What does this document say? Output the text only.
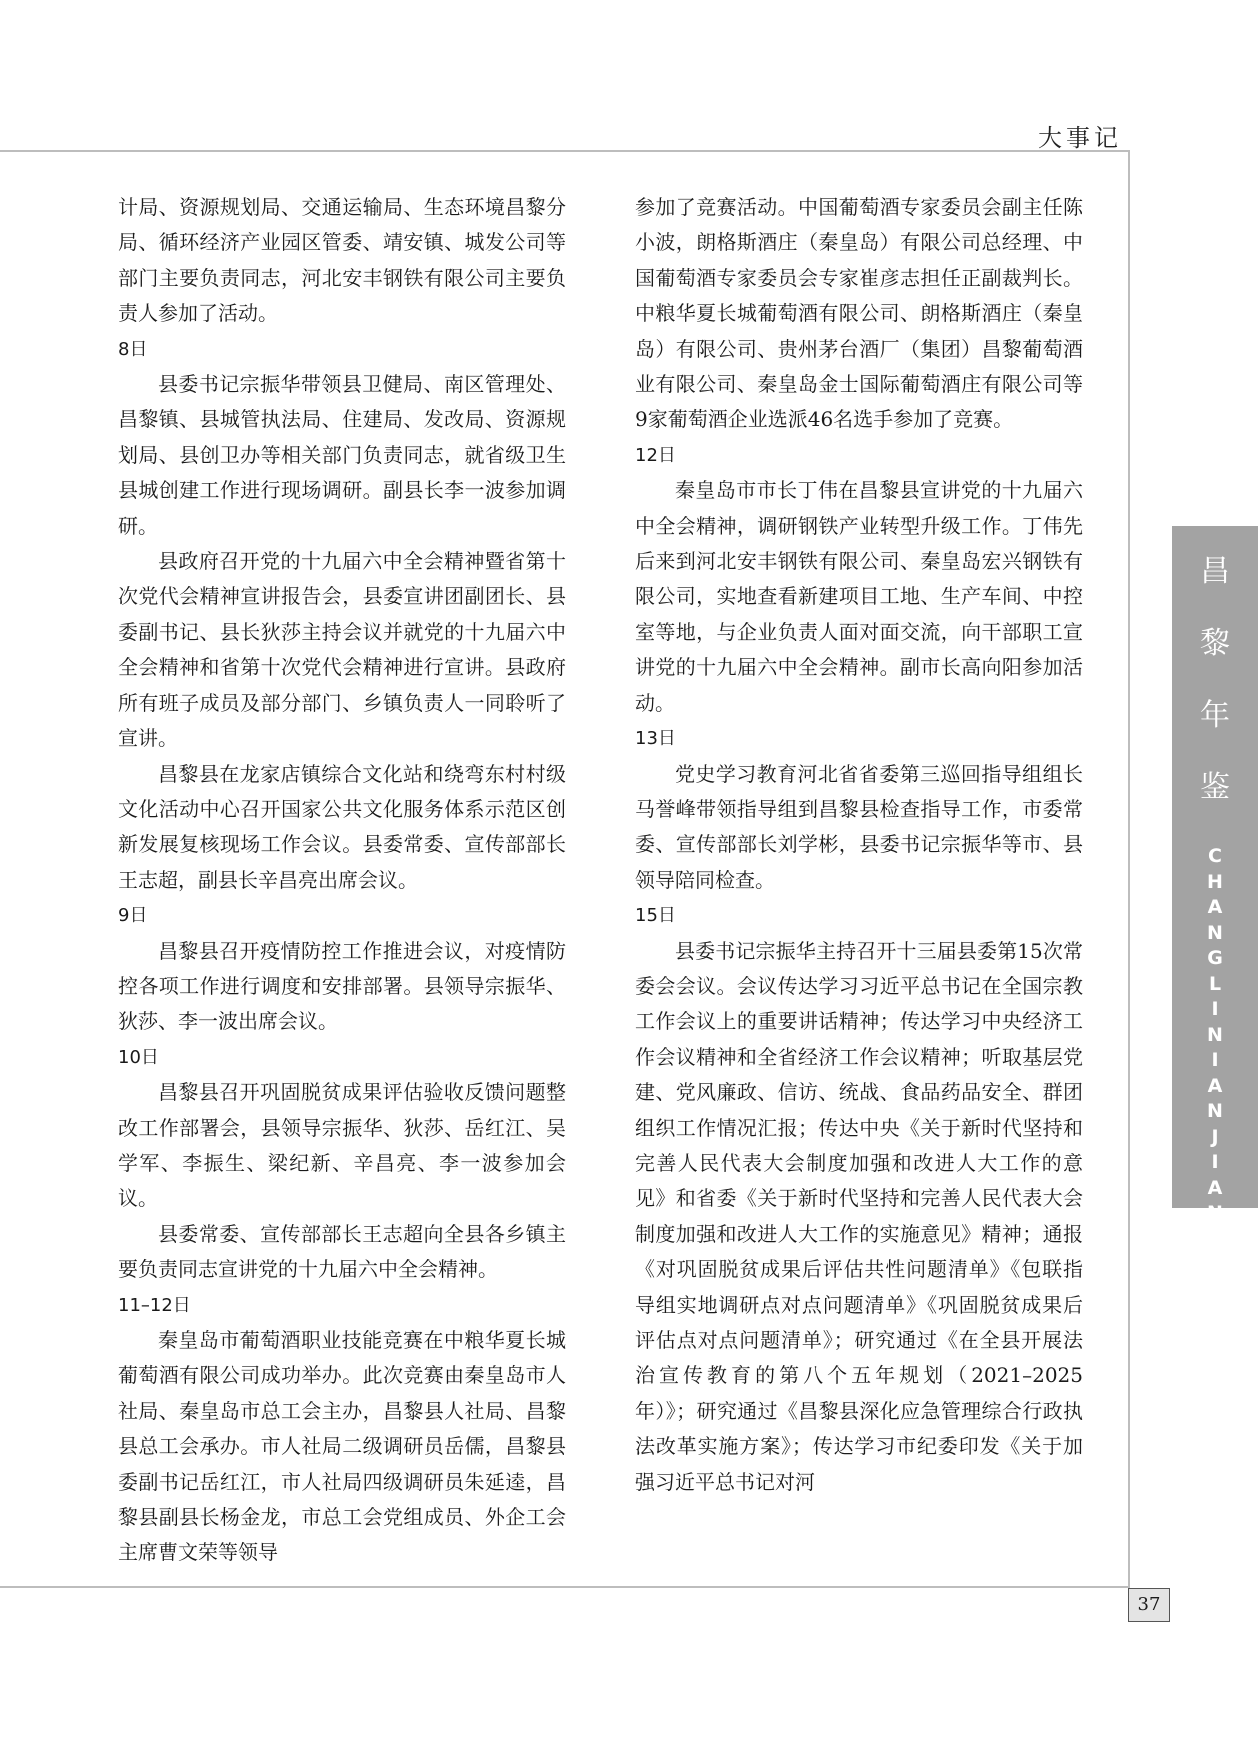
大事记
昌
黎
年
鉴
C
H
A
N
G
L
I
N
I
A
N
J
I
A
N

计局、资源规划局、交通运输局、生态环境昌黎分局、循环经济产业园区管委、靖安镇、城发公司等部门主要负责同志，河北安丰钢铁有限公司主要负责人参加了活动。

8日

县委书记宗振华带领县卫健局、南区管理处、昌黎镇、县城管执法局、住建局、发改局、资源规划局、县创卫办等相关部门负责同志，就省级卫生县城创建工作进行现场调研。副县长李一波参加调研。

县政府召开党的十九届六中全会精神暨省第十次党代会精神宣讲报告会，县委宣讲团副团长、县委副书记、县长狄莎主持会议并就党的十九届六中全会精神和省第十次党代会精神进行宣讲。县政府所有班子成员及部分部门、乡镇负责人一同聆听了宣讲。

昌黎县在龙家店镇综合文化站和绕弯东村村级文化活动中心召开国家公共文化服务体系示范区创新发展复核现场工作会议。县委常委、宣传部部长王志超，副县长辛昌亮出席会议。

9日

昌黎县召开疫情防控工作推进会议，对疫情防控各项工作进行调度和安排部署。县领导宗振华、狄莎、李一波出席会议。

10日

昌黎县召开巩固脱贫成果评估验收反馈问题整改工作部署会，县领导宗振华、狄莎、岳红江、吴学军、李振生、梁纪新、辛昌亮、李一波参加会议。

县委常委、宣传部部长王志超向全县各乡镇主要负责同志宣讲党的十九届六中全会精神。

11–12日

秦皇岛市葡萄酒职业技能竞赛在中粮华夏长城葡萄酒有限公司成功举办。此次竞赛由秦皇岛市人社局、秦皇岛市总工会主办，昌黎县人社局、昌黎县总工会承办。市人社局二级调研员岳儒，昌黎县委副书记岳红江，市人社局四级调研员朱延逵，昌黎县副县长杨金龙，市总工会党组成员、外企工会主席曹文荣等领导

参加了竞赛活动。中国葡萄酒专家委员会副主任陈小波，朗格斯酒庄（秦皇岛）有限公司总经理、中国葡萄酒专家委员会专家崔彦志担任正副裁判长。中粮华夏长城葡萄酒有限公司、朗格斯酒庄（秦皇岛）有限公司、贵州茅台酒厂（集团）昌黎葡萄酒业有限公司、秦皇岛金士国际葡萄酒庄有限公司等9家葡萄酒企业选派46名选手参加了竞赛。

12日

秦皇岛市市长丁伟在昌黎县宣讲党的十九届六中全会精神，调研钢铁产业转型升级工作。丁伟先后来到河北安丰钢铁有限公司、秦皇岛宏兴钢铁有限公司，实地查看新建项目工地、生产车间、中控室等地，与企业负责人面对面交流，向干部职工宣讲党的十九届六中全会精神。副市长高向阳参加活动。

13日

党史学习教育河北省省委第三巡回指导组组长马誉峰带领指导组到昌黎县检查指导工作，市委常委、宣传部部长刘学彬，县委书记宗振华等市、县领导陪同检查。

15日

县委书记宗振华主持召开十三届县委第15次常委会会议。会议传达学习习近平总书记在全国宗教工作会议上的重要讲话精神；传达学习中央经济工作会议精神和全省经济工作会议精神；听取基层党建、党风廉政、信访、统战、食品药品安全、群团组织工作情况汇报；传达中央《关于新时代坚持和完善人民代表大会制度加强和改进人大工作的意见》和省委《关于新时代坚持和完善人民代表大会制度加强和改进人大工作的实施意见》精神；通报《对巩固脱贫成果后评估共性问题清单》《包联指导组实地调研点对点问题清单》《巩固脱贫成果后评估点对点问题清单》；研究通过《在全县开展法治宣传教育的第八个五年规划（2021–2025年）》；研究通过《昌黎县深化应急管理综合行政执法改革实施方案》；传达学习市纪委印发《关于加强习近平总书记对河

37
